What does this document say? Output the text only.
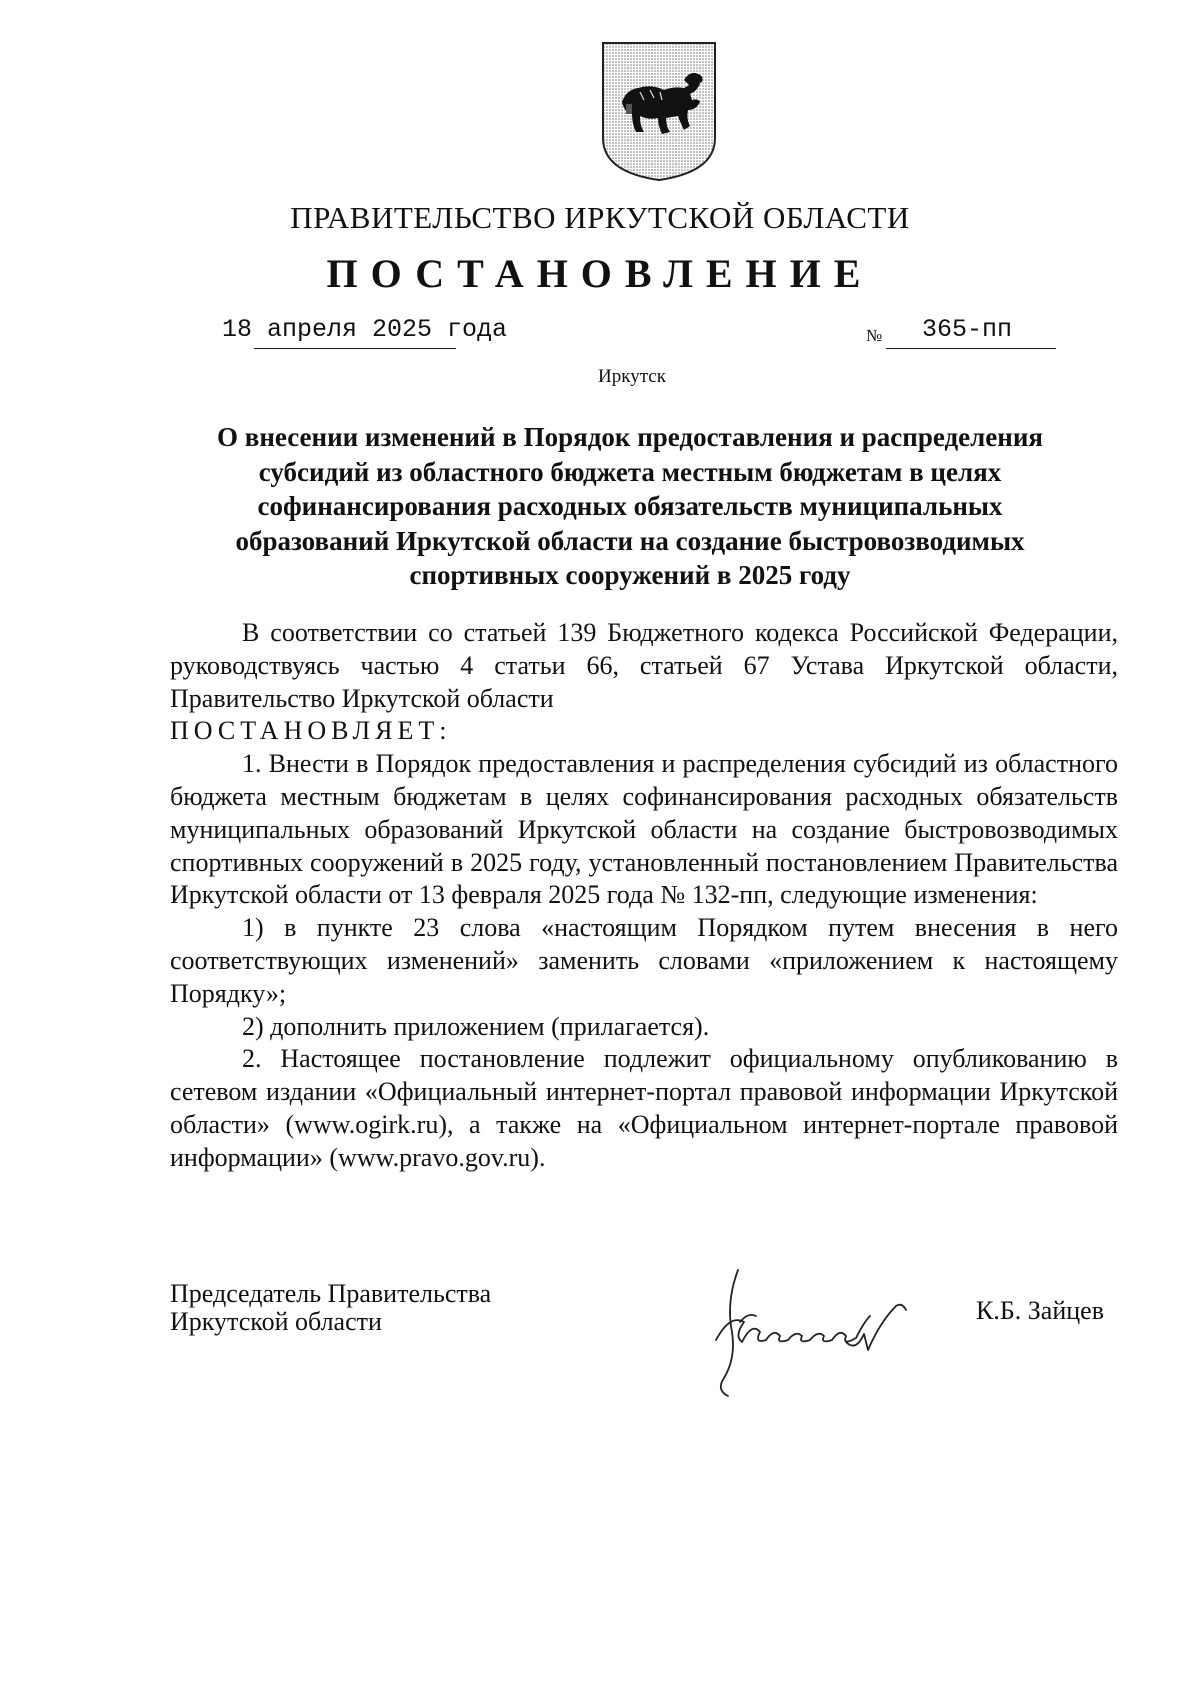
ПРАВИТЕЛЬСТВО ИРКУТСКОЙ ОБЛАСТИ
ПОСТАНОВЛЕНИЕ
18 апреля 2025 года	№ 365-пп
Иркутск
О внесении изменений в Порядок предоставления и распределения
субсидий из областного бюджета местным бюджетам в целях
софинансирования расходных обязательств муниципальных
образований Иркутской области на создание быстровозводимых
спортивных сооружений в 2025 году

В соответствии со статьей 139 Бюджетного кодекса Российской Федерации, руководствуясь частью 4 статьи 66, статьей 67 Устава Иркутской области, Правительство Иркутской области

ПОСТАНОВЛЯЕТ:

1. Внести в Порядок предоставления и распределения субсидий из областного бюджета местным бюджетам в целях софинансирования расходных обязательств муниципальных образований Иркутской области на создание быстровозводимых спортивных сооружений в 2025 году, установленный постановлением Правительства Иркутской области от 13 февраля 2025 года № 132-пп, следующие изменения:

1) в пункте 23 слова «настоящим Порядком путем внесения в него соответствующих изменений» заменить словами «приложением к настоящему Порядку»;

2) дополнить приложением (прилагается).

2. Настоящее постановление подлежит официальному опубликованию в сетевом издании «Официальный интернет-портал правовой информации Иркутской области» (www.ogirk.ru), а также на «Официальном интернет-портале правовой информации» (www.pravo.gov.ru).

Председатель Правительства
Иркутской области	К.Б. Зайцев
